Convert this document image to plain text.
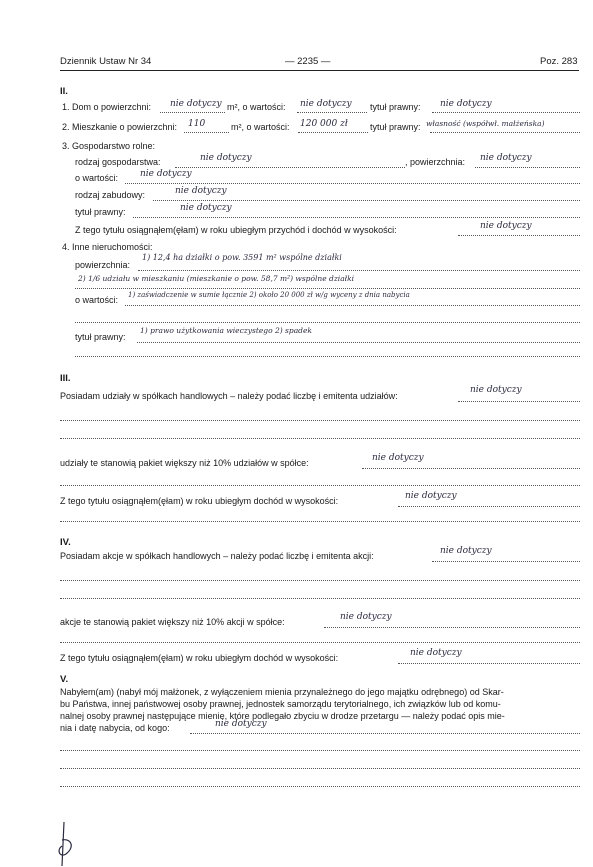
Dziennik Ustaw Nr 34	— 2235 —	Poz. 283
II.
1. Dom o powierzchni: nie dotyczy m², o wartości: nie dotyczy tytuł prawny: nie dotyczy
2. Mieszkanie o powierzchni: 110	m², o wartości: 120 000 zł tytuł prawny: własność (współwł. małżeńska)
3. Gospodarstwo rolne:
rodzaj gospodarstwa:	nie dotyczy	, powierzchnia: nie dotyczy
o wartości: nie dotyczy
rodzaj zabudowy:	nie dotyczy
tytuł prawny:	nie dotyczy
Z tego tytułu osiągnąłem(ęłam) w roku ubiegłym przychód i dochód w wysokości:	nie dotyczy
4. Inne nieruchomości:
powierzchnia:
1) 12,4 ha działki o pow. 3591 m² wspólne działki
2) 1/6 udziału w mieszkaniu (mieszkanie o pow. 58,7 m²) wspólne działki
o wartości: 1) zaświadczenie w sumie łącznie 2) około 20 000 zł w/g wyceny z dnia nabycia
tytuł prawny:
1) prawo użytkowania wieczystego 2) spadek
III.
Posiadam udziały w spółkach handlowych – należy podać liczbę i emitenta udziałów:
nie dotyczy
udziały te stanowią pakiet większy niż 10% udziałów w spółce:	nie dotyczy
Z tego tytułu osiągnąłem(ęłam) w roku ubiegłym dochód w wysokości:	nie dotyczy
IV.
Posiadam akcje w spółkach handlowych – należy podać liczbę i emitenta akcji:	nie dotyczy
akcje te stanowią pakiet większy niż 10% akcji w spółce:	nie dotyczy
Z tego tytułu osiągnąłem(ęłam) w roku ubiegłym dochód w wysokości:	nie dotyczy
V.
Nabyłem(am) (nabył mój małżonek, z wyłączeniem mienia przynależnego do jego majątku odrębnego) od Skar-
bu Państwa, innej państwowej osoby prawnej, jednostek samorządu terytorialnego, ich związków lub od komu-
nalnej osoby prawnej następujące mienie, które podlegało zbyciu w drodze przetargu — należy podać opis mie-
nia i datę nabycia, od kogo:	nie dotyczy
